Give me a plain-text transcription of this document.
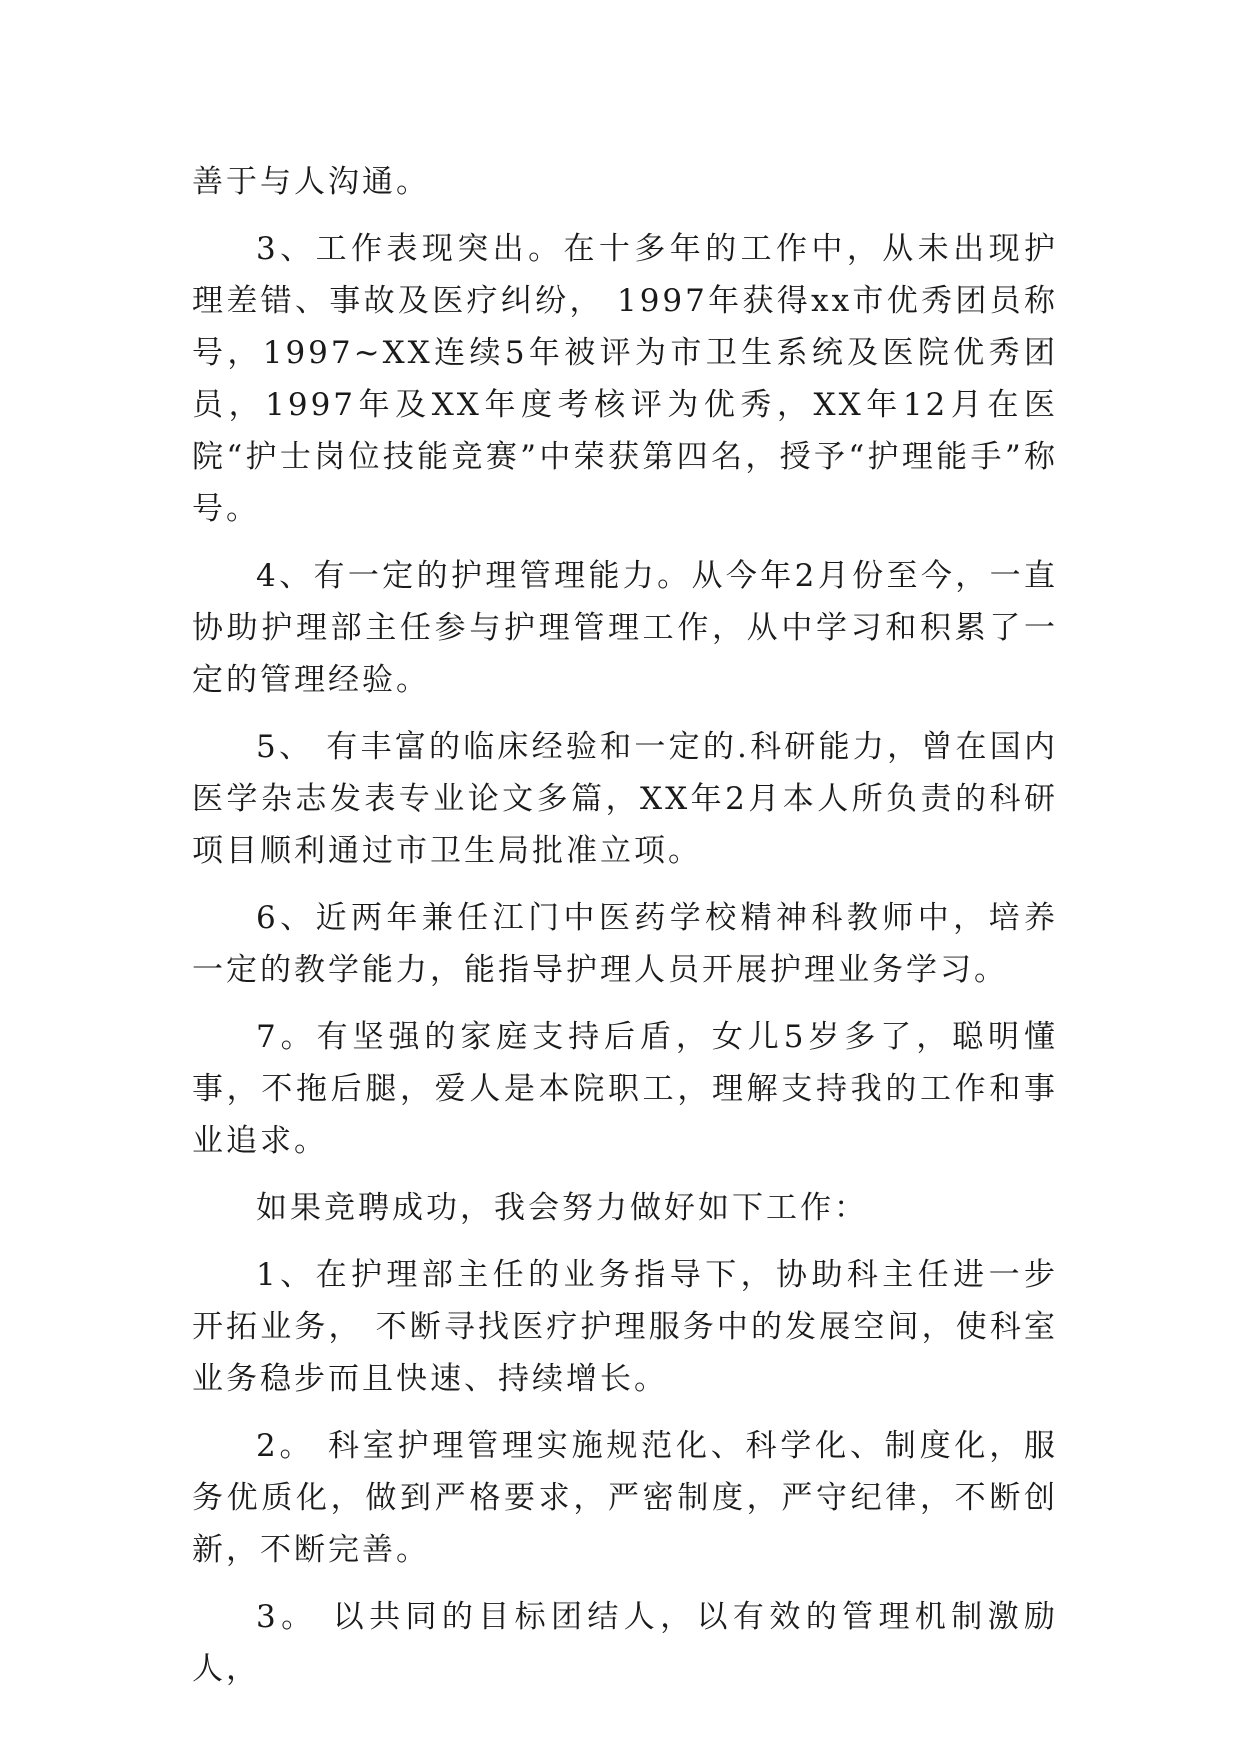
善于与人沟通。

3、工作表现突出。在十多年的工作中，从未出现护理差错、事故及医疗纠纷， 1997年获得xx市优秀团员称号，1997~XX连续5年被评为市卫生系统及医院优秀团员，1997年及XX年度考核评为优秀，XX年12月在医院“护士岗位技能竞赛”中荣获第四名，授予“护理能手”称号。

4、有一定的护理管理能力。从今年2月份至今，一直协助护理部主任参与护理管理工作，从中学习和积累了一定的管理经验。

5、 有丰富的临床经验和一定的.科研能力，曾在国内医学杂志发表专业论文多篇，XX年2月本人所负责的科研项目顺利通过市卫生局批准立项。

6、近两年兼任江门中医药学校精神科教师中，培养一定的教学能力，能指导护理人员开展护理业务学习。

7。有坚强的家庭支持后盾，女儿5岁多了，聪明懂事，不拖后腿，爱人是本院职工，理解支持我的工作和事业追求。

如果竞聘成功，我会努力做好如下工作：

1、在护理部主任的业务指导下，协助科主任进一步开拓业务， 不断寻找医疗护理服务中的发展空间，使科室业务稳步而且快速、持续增长。

2。 科室护理管理实施规范化、科学化、制度化，服务优质化，做到严格要求，严密制度，严守纪律，不断创新，不断完善。

3。 以共同的目标团结人，以有效的管理机制激励人，
